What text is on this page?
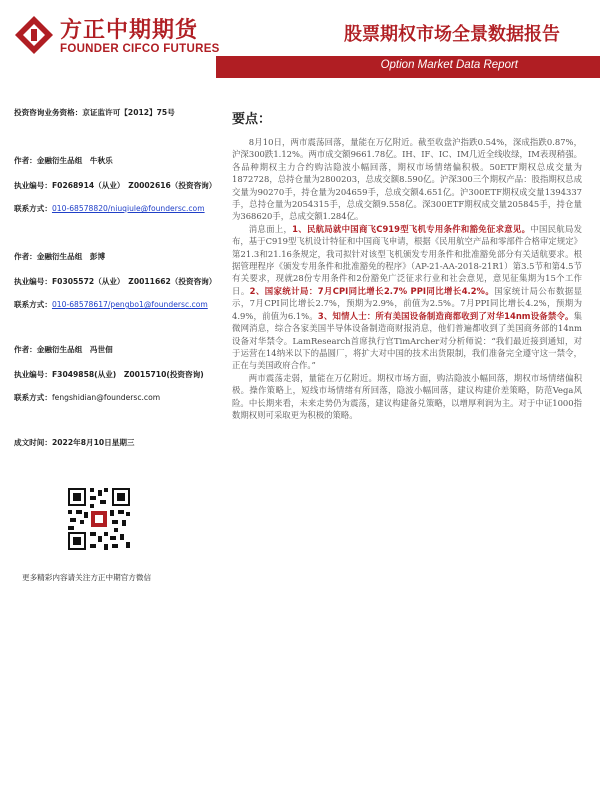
方正中期期货
FOUNDER CIFCO FUTURES
股票期权市场全景数据报告
Option Market Data Report
投资咨询业务资格：京证监许可【2012】75号
作者：金融衍生品组　牛秋乐
执业编号：F0268914（从业）　Z0002616（投资咨询）
联系方式：010-68578820/niuqiule@foundersc.com
作者：金融衍生品组　彭博
执业编号：F0305572（从业）　Z0011662（投资咨询）
联系方式：010-68578617/pengbo1@foundersc.com
作者：金融衍生品组　冯世佃
执业编号：F3049858(从业)　Z0015710(投资咨询)
联系方式：fengshidian@foundersc.com
成文时间：2022年8月10日星期三
更多精彩内容请关注方正中期官方微信
要点：

8月10日，两市震荡回落，量能在万亿附近。截至收盘沪指跌0.54%，深成指跌0.87%，沪深300跌1.12%。两市成交额9661.78亿。IH、IF、IC、IM几近全线收绿，IM表现稍强。各品种期权主力合约购沽隐波小幅回落，期权市场情绪偏积极。50ETF期权总成交量为1872728，总持仓量为2800203，总成交额8.590亿。沪深300三个期权产品：股指期权总成交量为90270手，持仓量为204659手，总成交额4.651亿。沪300ETF期权成交量1394337手，总持仓量为2054315手，总成交额9.558亿。深300ETF期权成交量205845手，持仓量为368620手，总成交额1.284亿。

消息面上，1、民航局就中国商飞C919型飞机专用条件和豁免征求意见。中国民航局发布，基于C919型飞机设计特征和中国商飞申请，根据《民用航空产品和零部件合格审定规定》第21.3和21.16条规定，我司拟针对该型飞机颁发专用条件和批准豁免部分有关适航要求。根据管理程序《颁发专用条件和批准豁免的程序》（AP-21-AA-2018-21R1）第3.5节和第4.5节有关要求，现就28份专用条件和2份豁免广泛征求行业和社会意见，意见征集期为15个工作日。2、国家统计局：7月CPI同比增长2.7% PPI同比增长4.2%。国家统计局公布数据显示，7月CPI同比增长2.7%，预期为2.9%，前值为2.5%。7月PPI同比增长4.2%，预期为4.9%，前值为6.1%。3、知情人士：所有美国设备制造商都收到了对华14nm设备禁令。集微网消息，综合各家美国半导体设备制造商财报消息，他们普遍都收到了美国商务部的14nm设备对华禁令。LamResearch首席执行官TimArcher对分析师说：“我们最近接到通知，对于运营在14纳米以下的晶圆厂，将扩大对中国的技术出货限制，我们准备完全遵守这一禁令，正在与美国政府合作。”

两市震荡走弱，量能在万亿附近。期权市场方面，购沽隐波小幅回落，期权市场情绪偏积极。操作策略上，短线市场情绪有所回落，隐波小幅回落，建议构建价差策略，防范Vega风险。中长期来看，未来走势仍为震荡，建议构建备兑策略，以增厚利润为主。对于中证1000指数期权则可采取更为积极的策略。
